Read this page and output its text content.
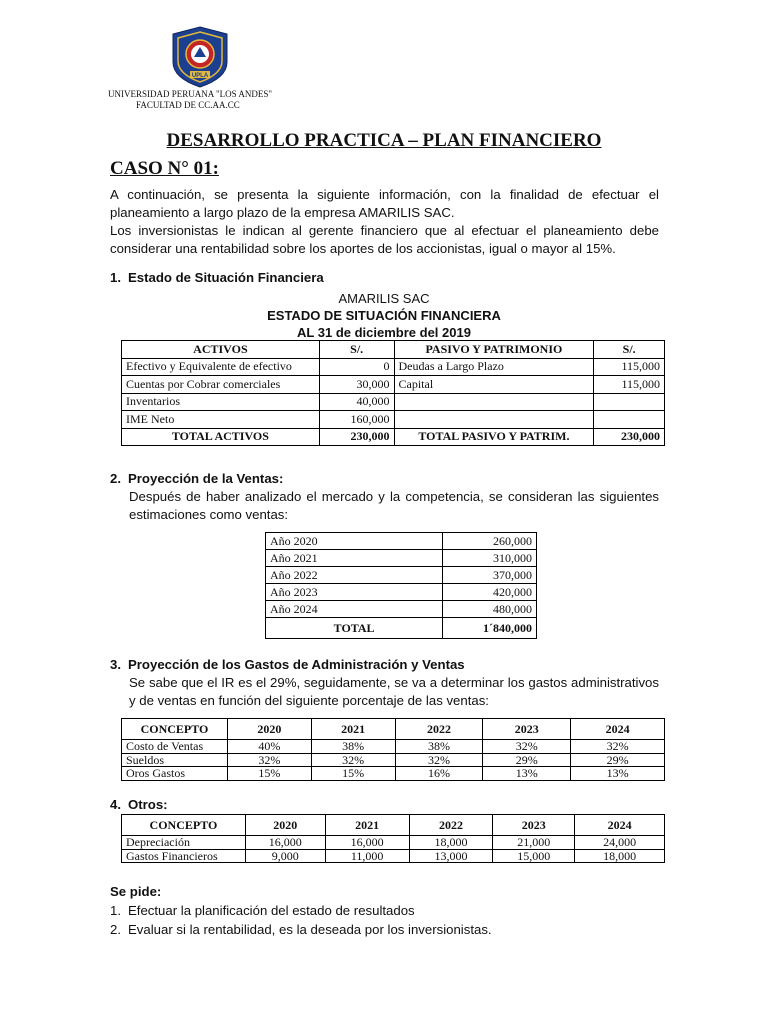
UPLA
UNIVERSIDAD PERUANA "LOS ANDES"
FACULTAD DE CC.AA.CC
DESARROLLO PRACTICA – PLAN FINANCIERO
CASO N° 01:

A continuación, se presenta la siguiente información, con la finalidad de efectuar el planeamiento a largo plazo de la empresa AMARILIS SAC.

Los inversionistas le indican al gerente financiero que al efectuar el planeamiento debe considerar una rentabilidad sobre los aportes de los accionistas, igual o mayor al 15%.

1. Estado de Situación Financiera
AMARILIS SAC
ESTADO DE SITUACIÓN FINANCIERA
AL 31 de diciembre del 2019
ACTIVOS	S/.	PASIVO Y PATRIMONIO	S/.
Efectivo y Equivalente de efectivo	0	Deudas a Largo Plazo	115,000
Cuentas por Cobrar comerciales	30,000	Capital	115,000
Inventarios	40,000		
IME Neto	160,000		
TOTAL ACTIVOS	230,000	TOTAL PASIVO Y PATRIM.	230,000
2. Proyección de la Ventas:

Después de haber analizado el mercado y la competencia, se consideran las siguientes estimaciones como ventas:

Año 2020	260,000
Año 2021	310,000
Año 2022	370,000
Año 2023	420,000
Año 2024	480,000
TOTAL	1´840,000
3. Proyección de los Gastos de Administración y Ventas

Se sabe que el IR es el 29%, seguidamente, se va a determinar los gastos administrativos y de ventas en función del siguiente porcentaje de las ventas:

CONCEPTO	2020	2021	2022	2023	2024
Costo de Ventas	40%	38%	38%	32%	32%
Sueldos	32%	32%	32%	29%	29%
Oros Gastos	15%	15%	16%	13%	13%
4. Otros:
CONCEPTO	2020	2021	2022	2023	2024
Depreciación	16,000	16,000	18,000	21,000	24,000
Gastos Financieros	9,000	11,000	13,000	15,000	18,000
Se pide:
1. Efectuar la planificación del estado de resultados
2. Evaluar si la rentabilidad, es la deseada por los inversionistas.
